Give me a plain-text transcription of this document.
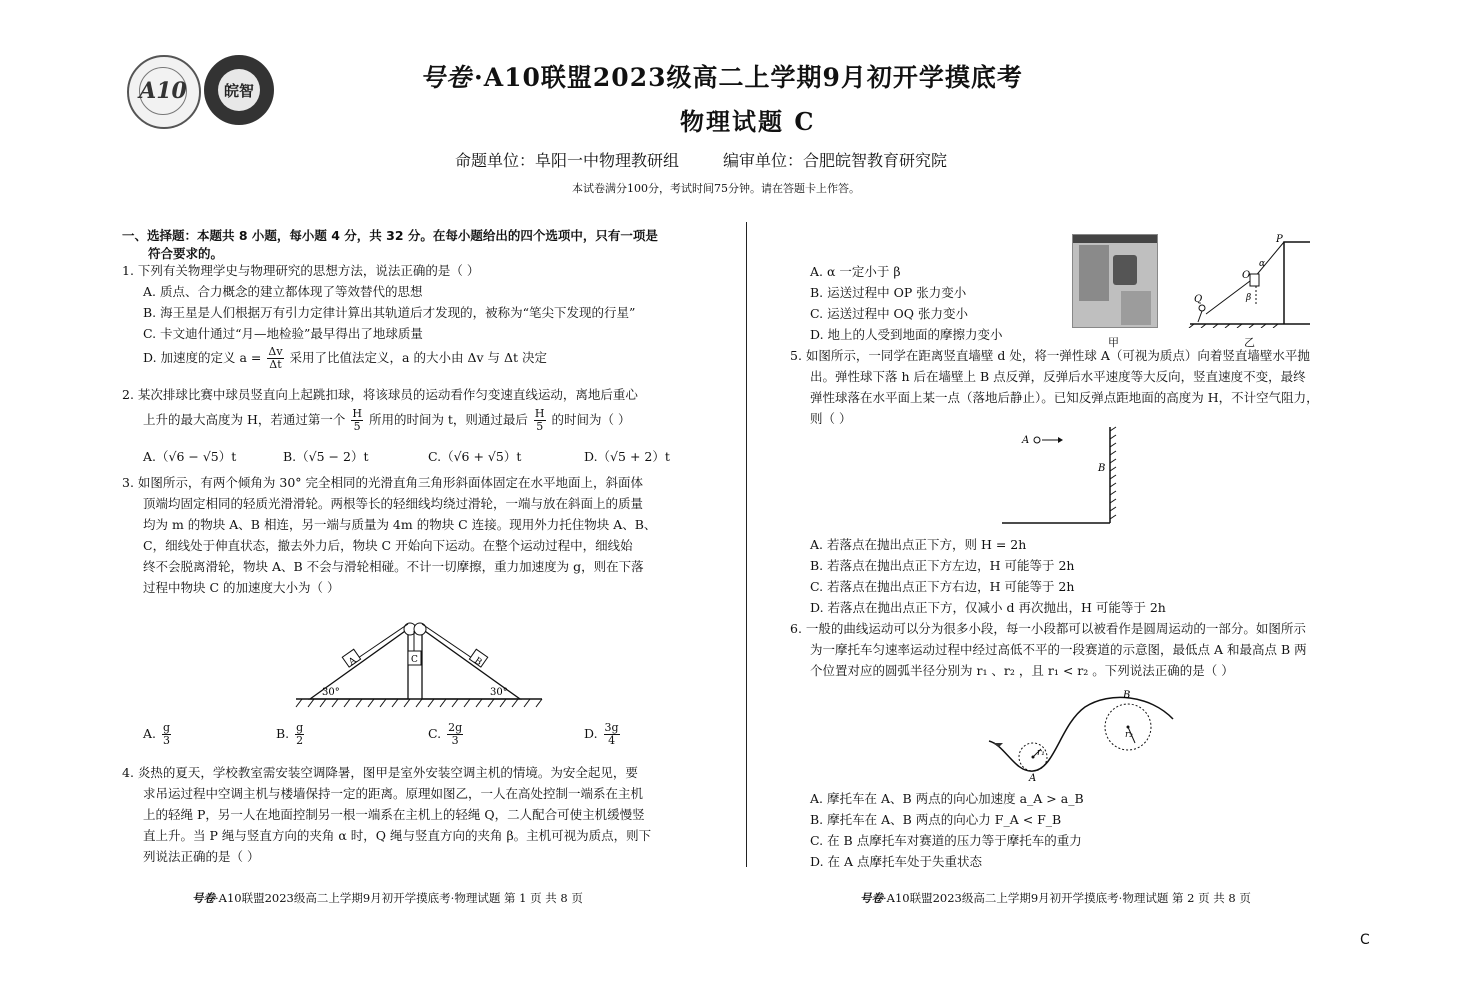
A10	皖智	号卷·A10联盟2023级高二上学期9月初开学摸底考
物理试题 C
命题单位：阜阳一中物理教研组	编审单位：合肥皖智教育研究院
本试卷满分100分，考试时间75分钟。请在答题卡上作答。
一、选择题：本题共 8 小题，每小题 4 分，共 32 分。在每小题给出的四个选项中，只有一项是
符合要求的。
1. 下列有关物理学史与物理研究的思想方法，说法正确的是（ ）
A. 质点、合力概念的建立都体现了等效替代的思想
B. 海王星是人们根据万有引力定律计算出其轨道后才发现的，被称为“笔尖下发现的行星”
C. 卡文迪什通过“月—地检验”最早得出了地球质量
D. 加速度的定义 $a = \frac{\Delta v}{\Delta t}$ 采用了比值法定义，a 的大小由 Δv 与 Δt 决定
2. 某次排球比赛中球员竖直向上起跳扣球，将该球员的运动看作匀变速直线运动，离地后重心
上升的最大高度为 H，若通过第一个 $\frac{H}{5}$ 所用的时间为 t，则通过最后 $\frac{H}{5}$ 的时间为（ ）
A.（√6 − √5）t	B.（√5 − 2）t	C.（√6 + √5）t	D.（√5 + 2）t
3. 如图所示，有两个倾角为 30° 完全相同的光滑直角三角形斜面体固定在水平地面上，斜面体
顶端均固定相同的轻质光滑滑轮。两根等长的轻细线均绕过滑轮，一端与放在斜面上的质量
均为 m 的物块 A、B 相连，另一端与质量为 4m 的物块 C 连接。现用外力托住物块 A、B、
C，细线处于伸直状态，撤去外力后，物块 C 开始向下运动。在整个运动过程中，细线始
终不会脱离滑轮，物块 A、B 不会与滑轮相碰。不计一切摩擦，重力加速度为 g，则在下落
过程中物块 C 的加速度大小为（ ）
A	B
C
30°	30°
A. $\frac{g}{3}$	B. $\frac{g}{2}$	C. $\frac{2g}{3}$	D. $\frac{3g}{4}$
4. 炎热的夏天，学校教室需安装空调降暑，图甲是室外安装空调主机的情境。为安全起见，要
求吊运过程中空调主机与楼墙保持一定的距离。原理如图乙，一人在高处控制一端系在主机
上的轻绳 P，另一人在地面控制另一根一端系在主机上的轻绳 Q，二人配合可使主机缓慢竖
直上升。当 P 绳与竖直方向的夹角 α 时，Q 绳与竖直方向的夹角 β。主机可视为质点，则下
列说法正确的是（ ）
号卷·A10联盟2023级高二上学期9月初开学摸底考·物理试题 第 1 页 共 8 页
A. α 一定小于 β
B. 运送过程中 OP 张力变小
C. 运送过程中 OQ 张力变小
D. 地上的人受到地面的摩擦力变小
甲
P
O
Q
α
β
乙
5. 如图所示，一同学在距离竖直墙壁 d 处，将一弹性球 A（可视为质点）向着竖直墙壁水平抛
出。弹性球下落 h 后在墙壁上 B 点反弹，反弹后水平速度等大反向，竖直速度不变，最终
弹性球落在水平面上某一点（落地后静止）。已知反弹点距地面的高度为 H，不计空气阻力，
则（ ）
A
B
A. 若落点在抛出点正下方，则 H = 2h
B. 若落点在抛出点正下方左边，H 可能等于 2h
C. 若落点在抛出点正下方右边，H 可能等于 2h
D. 若落点在抛出点正下方，仅减小 d 再次抛出，H 可能等于 2h
6. 一般的曲线运动可以分为很多小段，每一小段都可以被看作是圆周运动的一部分。如图所示
为一摩托车匀速率运动过程中经过高低不平的一段赛道的示意图，最低点 A 和最高点 B 两
个位置对应的圆弧半径分别为 r₁ 、r₂ ，且 r₁ < r₂ 。下列说法正确的是（ ）
r₁
r₂
A
B
A. 摩托车在 A、B 两点的向心加速度 a_A > a_B
B. 摩托车在 A、B 两点的向心力 F_A < F_B
C. 在 B 点摩托车对赛道的压力等于摩托车的重力
D. 在 A 点摩托车处于失重状态
号卷·A10联盟2023级高二上学期9月初开学摸底考·物理试题 第 2 页 共 8 页
C
